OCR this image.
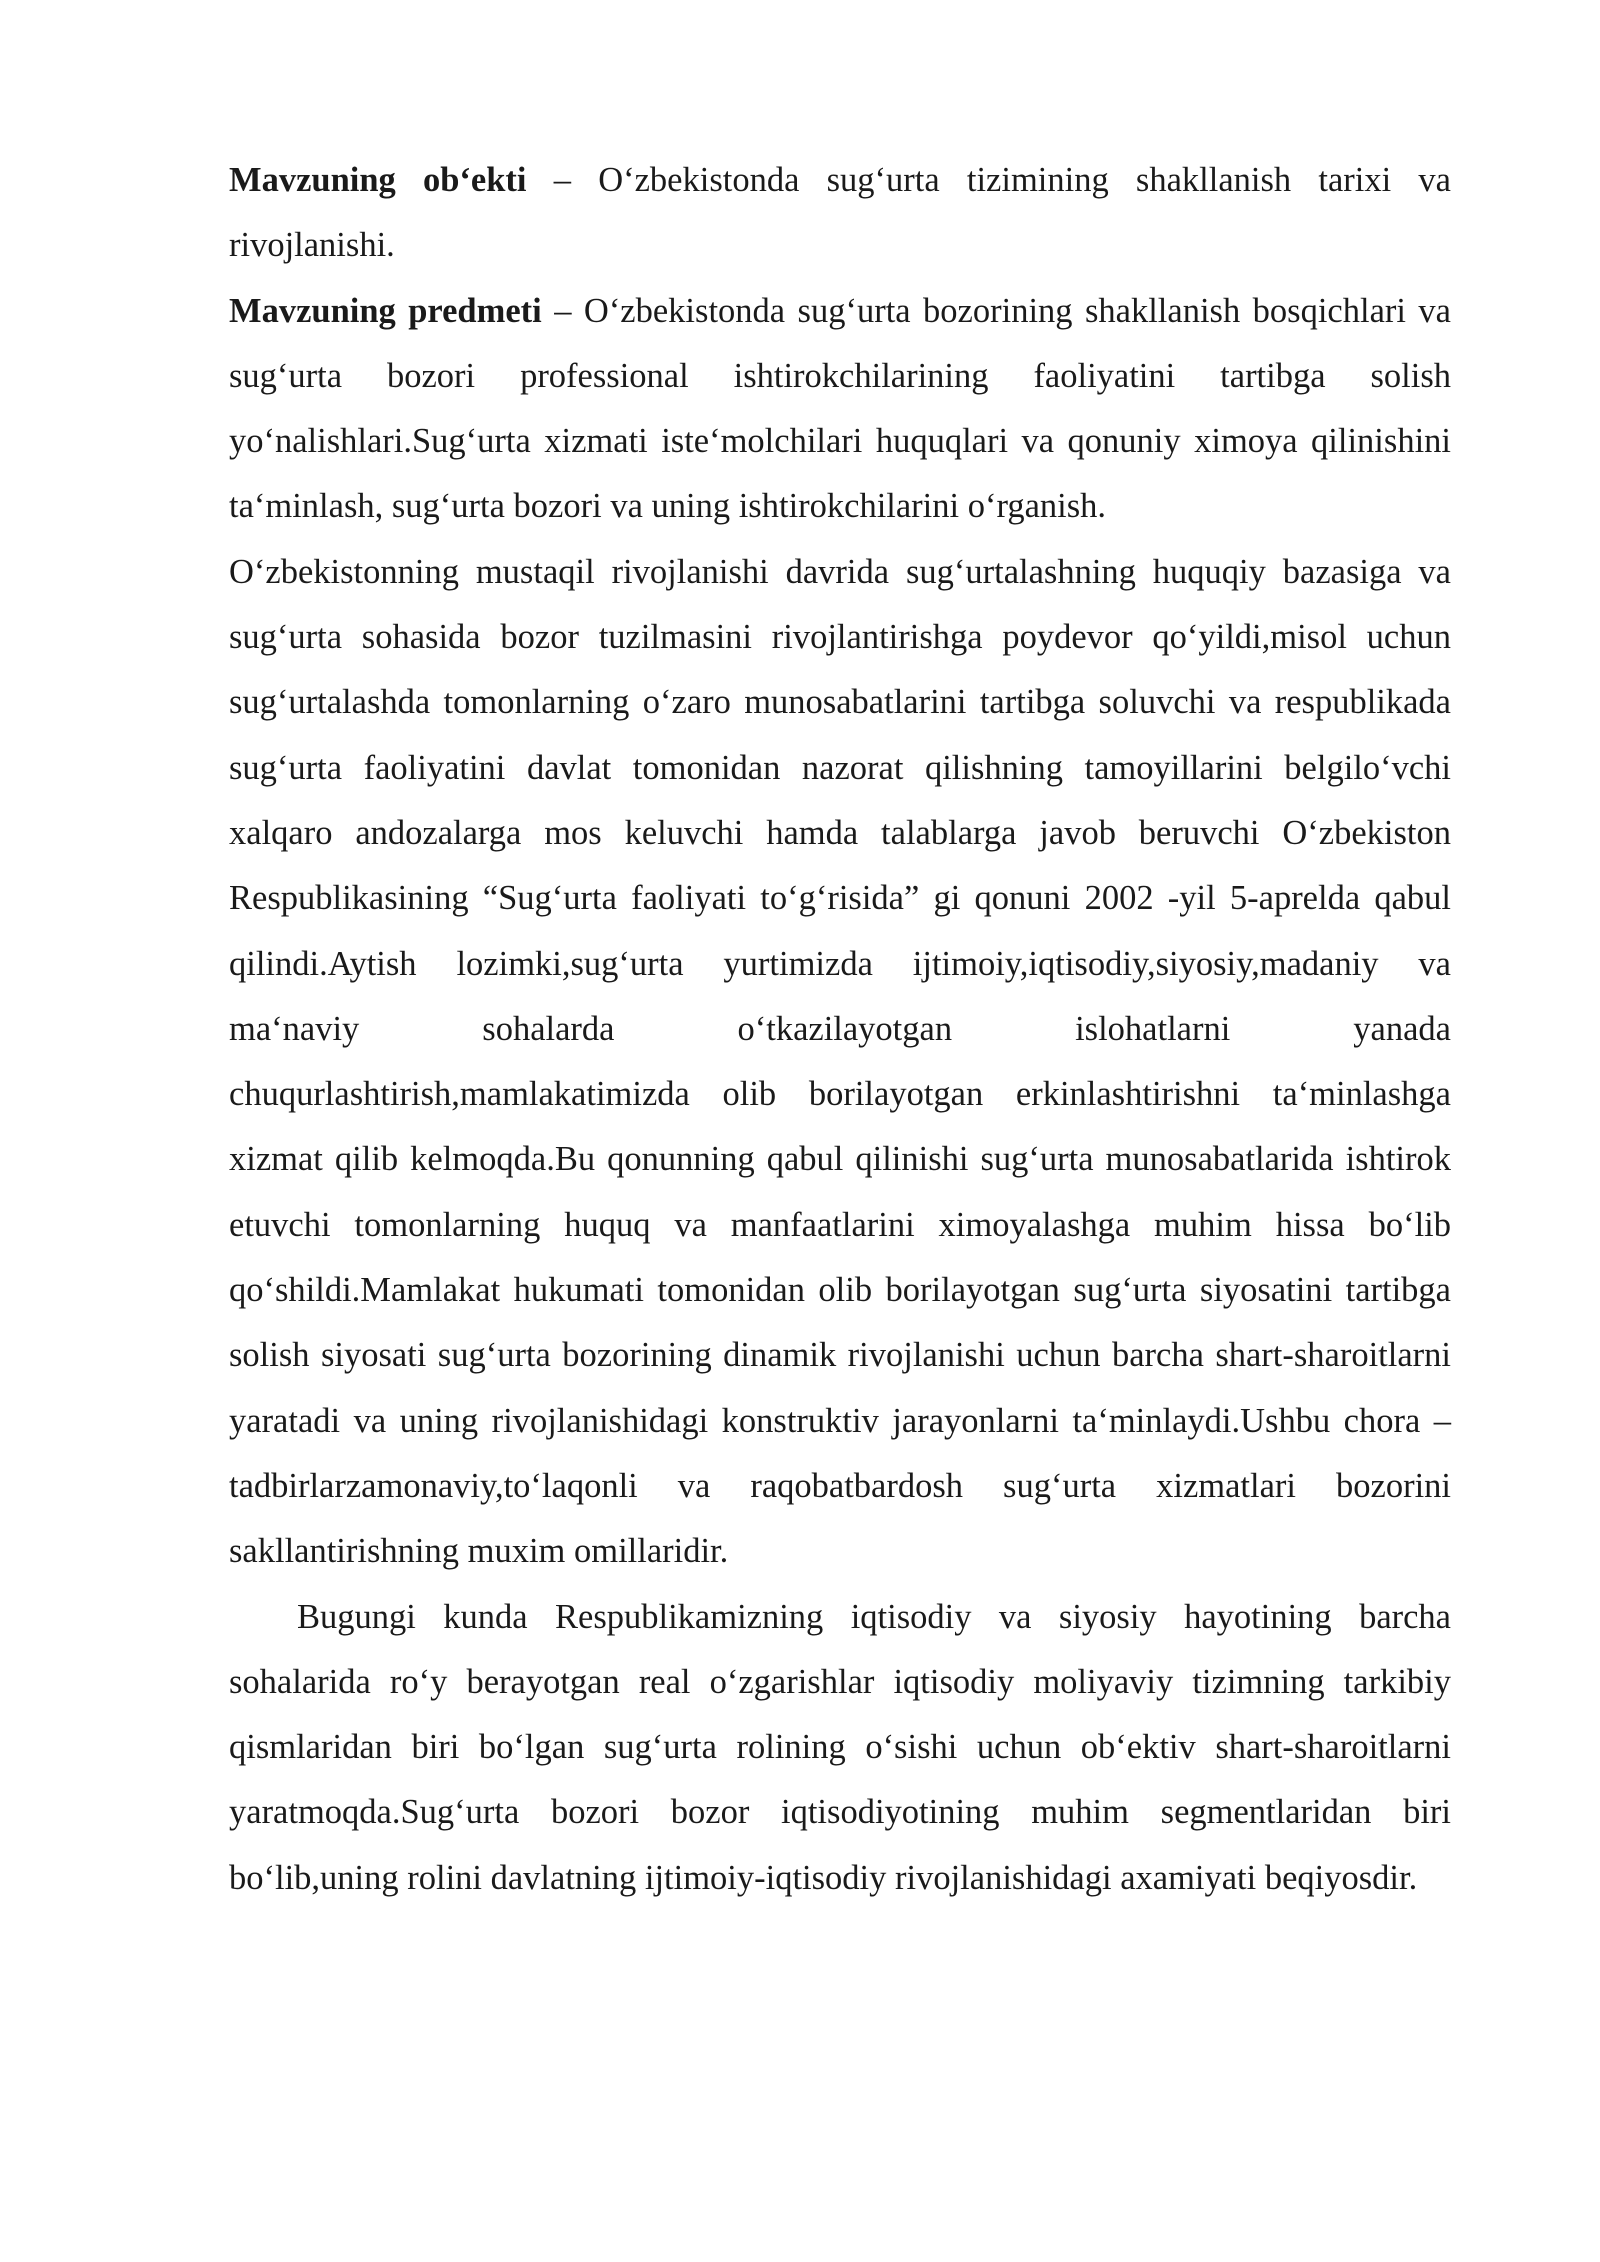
Mavzuning ob‘ekti – O‘zbekistonda sug‘urta tizimining shakllanish tarixi va rivojlanishi.

Mavzuning predmeti – O‘zbekistonda sug‘urta bozorining shakllanish bosqichlari va sug‘urta bozori professional ishtirokchilarining faoliyatini tartibga solish yo‘nalishlari.Sug‘urta xizmati iste‘molchilari huquqlari va qonuniy ximoya qilinishini ta‘minlash, sug‘urta bozori va uning ishtirokchilarini o‘rganish.

O‘zbekistonning mustaqil rivojlanishi davrida sug‘urtalashning huquqiy bazasiga va sug‘urta sohasida bozor tuzilmasini rivojlantirishga poydevor qo‘yildi,misol uchun sug‘urtalashda tomonlarning o‘zaro munosabatlarini tartibga soluvchi va respublikada sug‘urta faoliyatini davlat tomonidan nazorat qilishning tamoyillarini belgilo‘vchi xalqaro andozalarga mos keluvchi hamda talablarga javob beruvchi O‘zbekiston Respublikasining “Sug‘urta faoliyati to‘g‘risida” gi qonuni 2002 -yil 5-aprelda qabul qilindi.Aytish lozimki,sug‘urta yurtimizda ijtimoiy,iqtisodiy,siyosiy,madaniy va ma‘naviy sohalarda o‘tkazilayotgan islohatlarni yanada chuqurlashtirish,mamlakatimizda olib borilayotgan erkinlashtirishni ta‘minlashga xizmat qilib kelmoqda.Bu qonunning qabul qilinishi sug‘urta munosabatlarida ishtirok etuvchi tomonlarning huquq va manfaatlarini ximoyalashga muhim hissa bo‘lib qo‘shildi.Mamlakat hukumati tomonidan olib borilayotgan sug‘urta siyosatini tartibga solish siyosati sug‘urta bozorining dinamik rivojlanishi uchun barcha shart-sharoitlarni yaratadi va uning rivojlanishidagi konstruktiv jarayonlarni ta‘minlaydi.Ushbu chora – tadbirlarzamonaviy,to‘laqonli va raqobatbardosh sug‘urta xizmatlari bozorini sakllantirishning muxim omillaridir.

Bugungi kunda Respublikamizning iqtisodiy va siyosiy hayotining barcha sohalarida ro‘y berayotgan real o‘zgarishlar iqtisodiy moliyaviy tizimning tarkibiy qismlaridan biri bo‘lgan sug‘urta rolining o‘sishi uchun ob‘ektiv shart-sharoitlarni yaratmoqda.Sug‘urta bozori bozor iqtisodiyotining muhim segmentlaridan biri bo‘lib,uning rolini davlatning ijtimoiy-iqtisodiy rivojlanishidagi axamiyati beqiyosdir.
